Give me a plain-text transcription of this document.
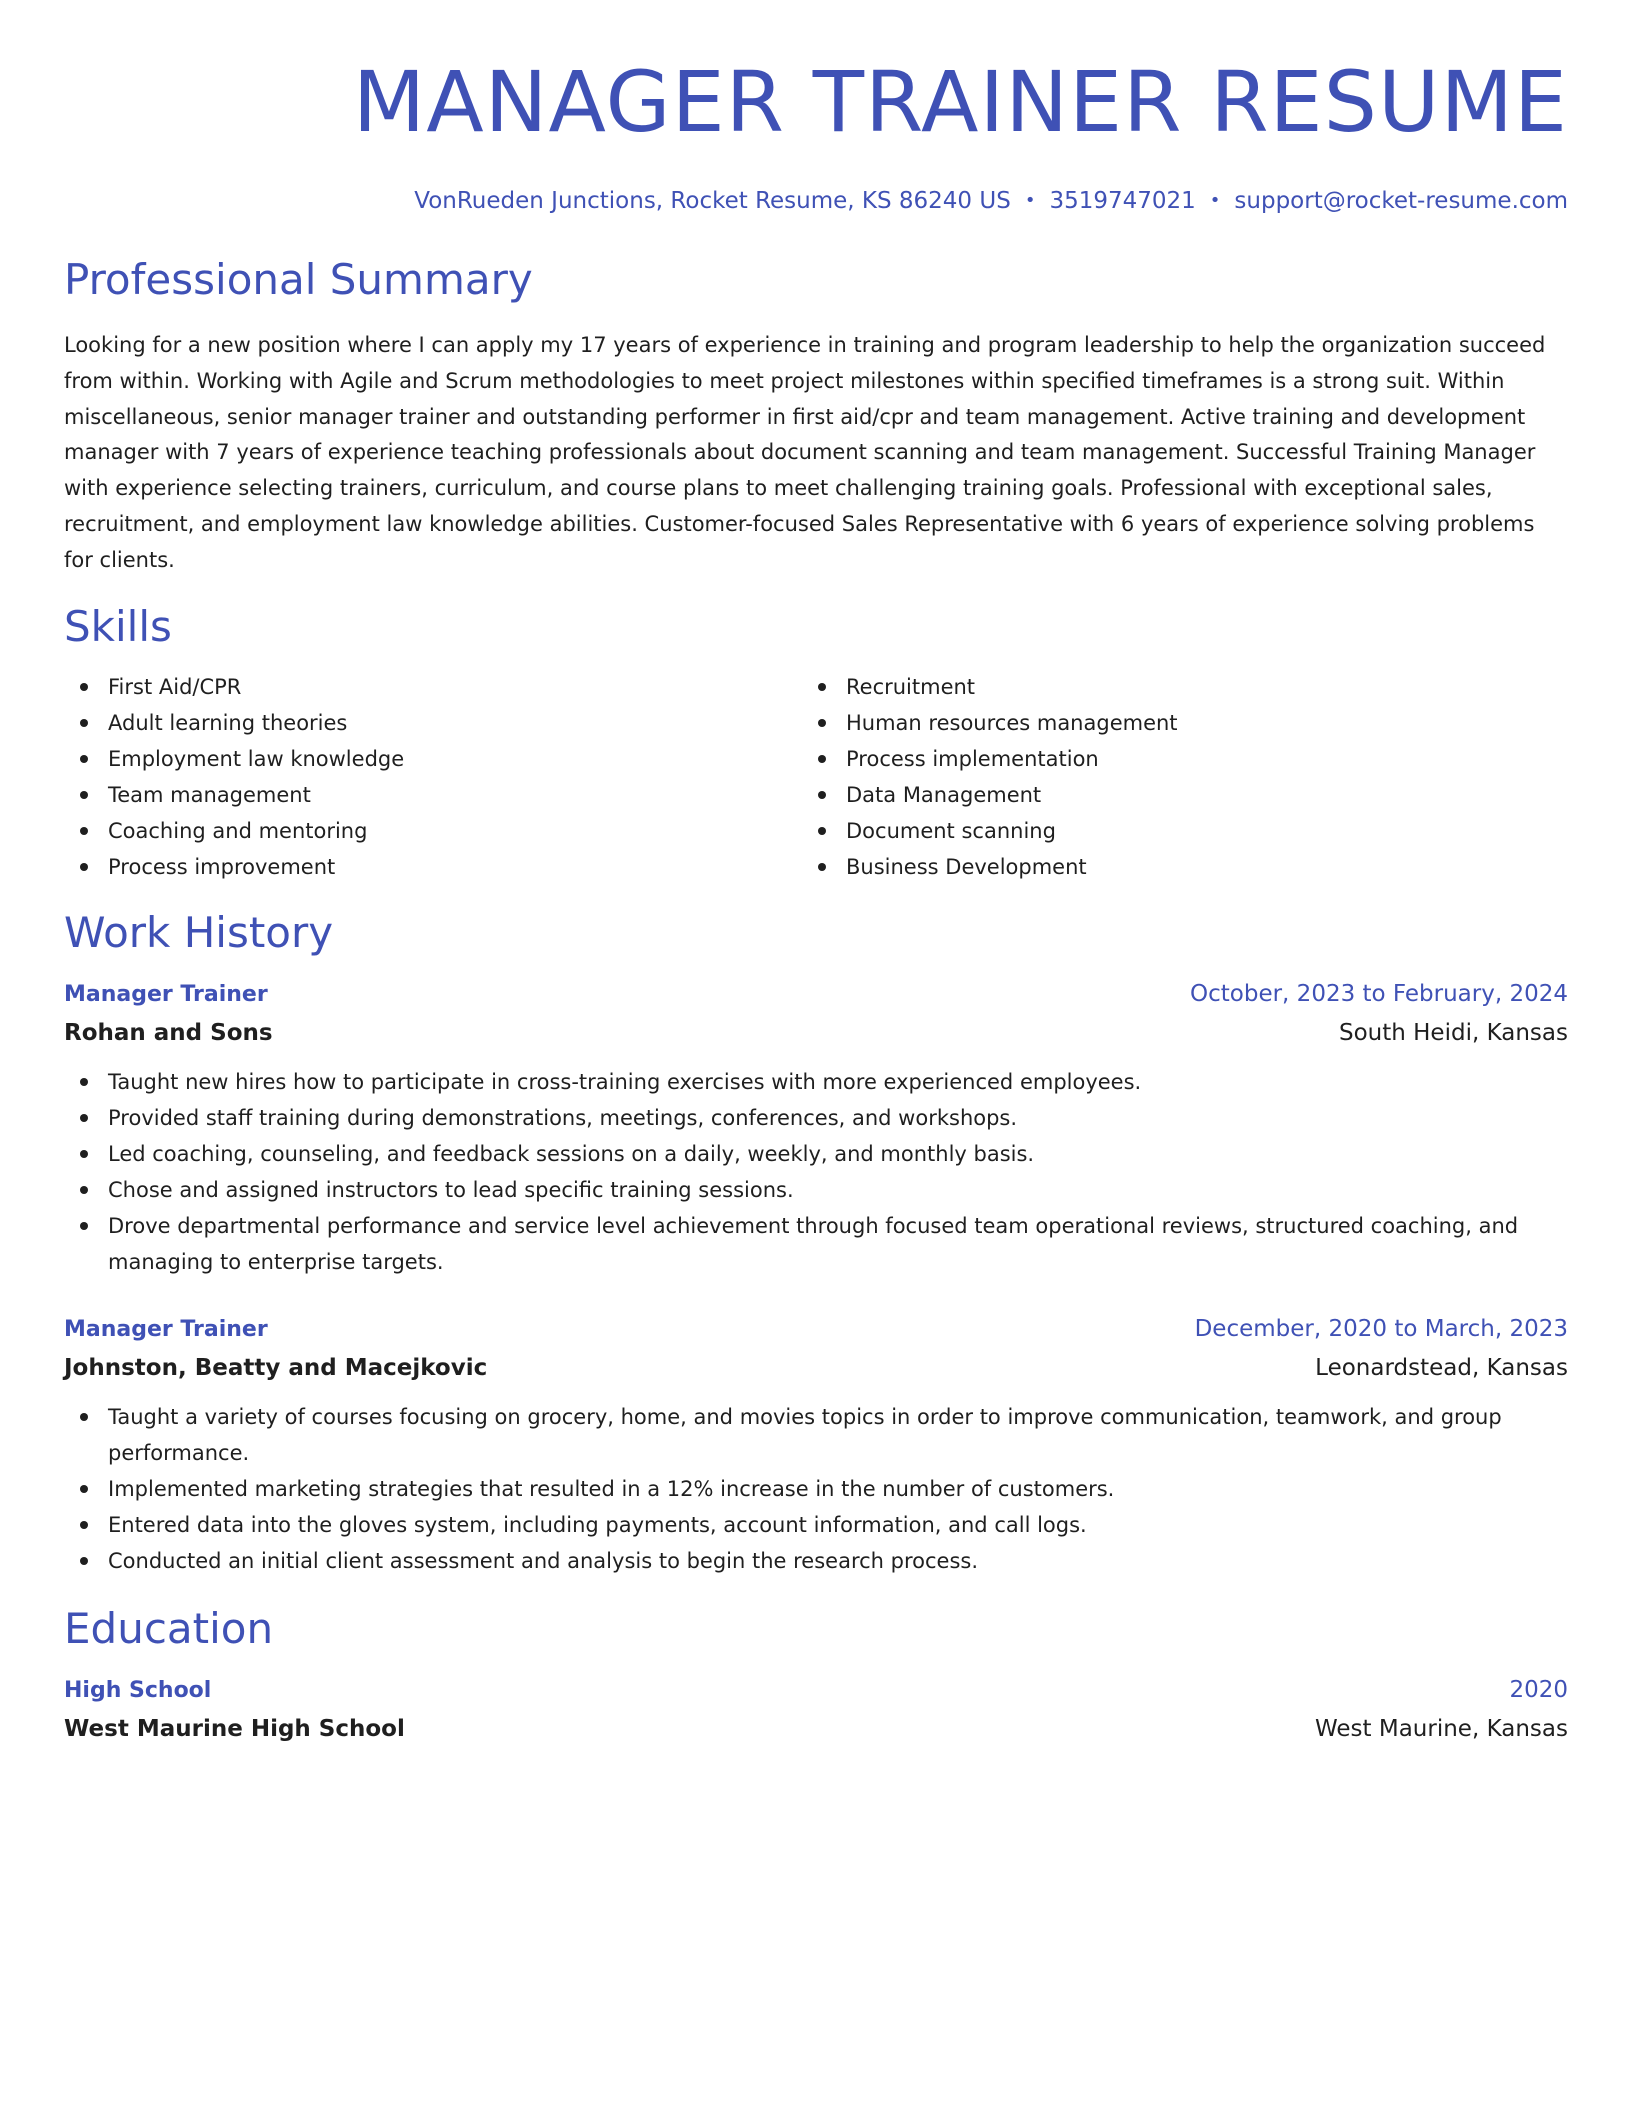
MANAGER TRAINER RESUME
VonRueden Junctions, Rocket Resume, KS 86240 US • 3519747021 • support@rocket-resume.com
Professional Summary
Looking for a new position where I can apply my 17 years of experience in training and program leadership to help the organization succeed from within. Working with Agile and Scrum methodologies to meet project milestones within specified timeframes is a strong suit. Within miscellaneous, senior manager trainer and outstanding performer in first aid/cpr and team management. Active training and development manager with 7 years of experience teaching professionals about document scanning and team management. Successful Training Manager with experience selecting trainers, curriculum, and course plans to meet challenging training goals. Professional with exceptional sales, recruitment, and employment law knowledge abilities. Customer-focused Sales Representative with 6 years of experience solving problems for clients.
Skills
First Aid/CPR
Adult learning theories
Employment law knowledge
Team management
Coaching and mentoring
Process improvement
Recruitment
Human resources management
Process implementation
Data Management
Document scanning
Business Development
Work History
Manager Trainer	October, 2023 to February, 2024
Rohan and Sons	South Heidi, Kansas
Taught new hires how to participate in cross-training exercises with more experienced employees.
Provided staff training during demonstrations, meetings, conferences, and workshops.
Led coaching, counseling, and feedback sessions on a daily, weekly, and monthly basis.
Chose and assigned instructors to lead specific training sessions.
Drove departmental performance and service level achievement through focused team operational reviews, structured coaching, and managing to enterprise targets.
Manager Trainer	December, 2020 to March, 2023
Johnston, Beatty and Macejkovic	Leonardstead, Kansas
Taught a variety of courses focusing on grocery, home, and movies topics in order to improve communication, teamwork, and group performance.
Implemented marketing strategies that resulted in a 12% increase in the number of customers.
Entered data into the gloves system, including payments, account information, and call logs.
Conducted an initial client assessment and analysis to begin the research process.
Education
High School	2020
West Maurine High School	West Maurine, Kansas
